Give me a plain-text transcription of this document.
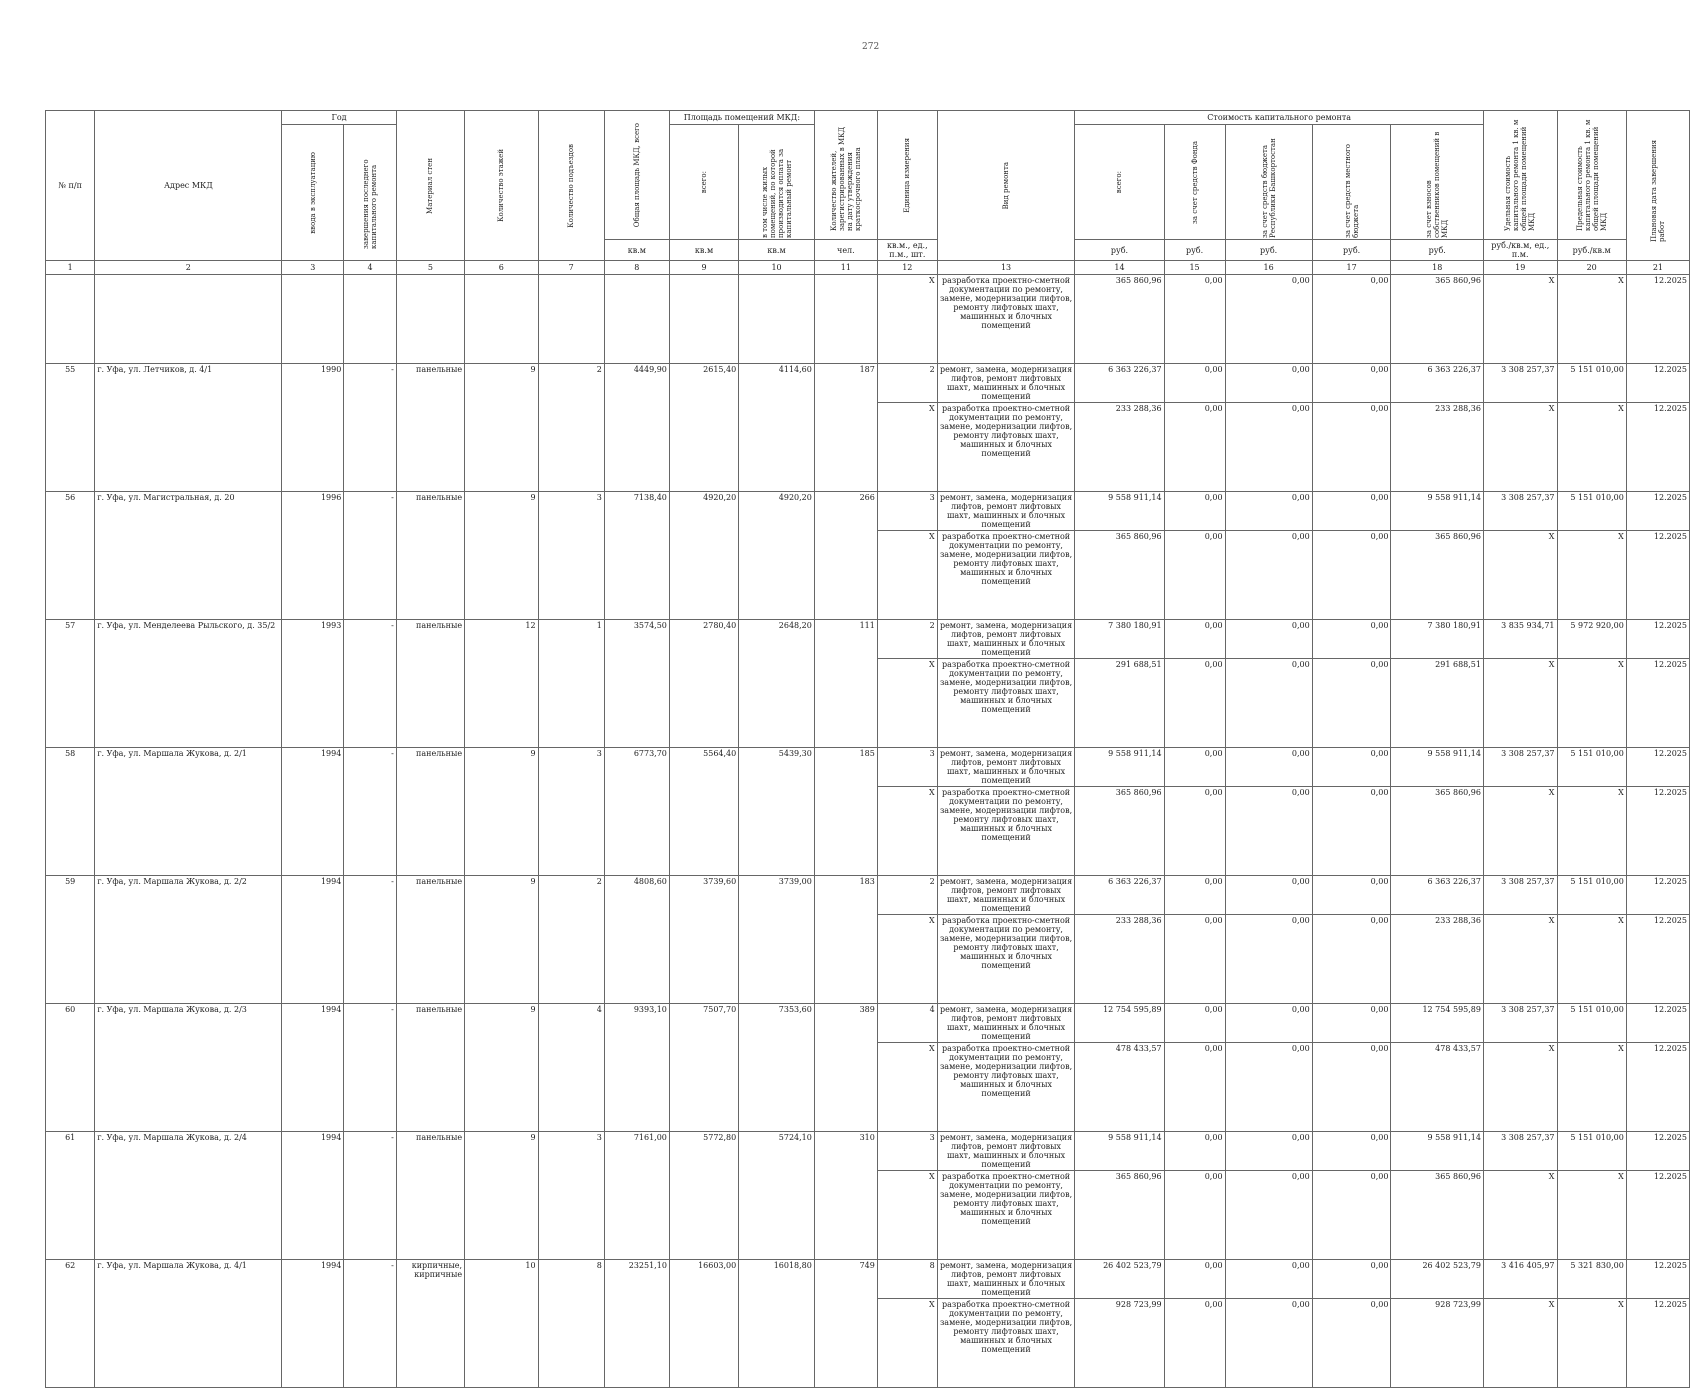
272
№ п/п	Адрес МКД	Год		Материал стен	Количество этажей	Количество подъездов	Общая площадь МКД, всего	Площадь помещений МКД:		Количество жителей, зарегистрированных в МКД на дату утверждения краткосрочного плана	Единица измерения	Вид ремонта	Стоимость капитального ремонта					Удельная стоимость капитального ремонта 1 кв. м общей площади помещений МКД	Предельная стоимость капитального ремонта 1 кв. м общей площади помещений МКД	Плановая дата завершения работ

		ввода в эксплуатацию	завершения последнего капитального ремонта					всего:	в том числе жилых помещений, по которой производится оплата за капитальный ремонт				всего:	за счет средств Фонда	за счет средств бюджета Республики Башкортостан	за счет средств местного бюджета	за счет взносов собственников помещений в МКД			

							кв.м	кв.м	кв.м	чел.	кв.м., ед., п.м., шт.		руб.	руб.	руб.	руб.	руб.	руб./кв.м, ед., п.м.	руб./кв.м	
1	2	3	4	5	6	7	8	9	10	11	12	13	14	15	16	17	18	19	20	21
											X	разработка проектно-сметной документации по ремонту, замене, модернизации лифтов, ремонту лифтовых шахт, машинных и блочных помещений	365 860,96	0,00	0,00	0,00	365 860,96	X	X	12.2025
55	г. Уфа, ул. Летчиков, д. 4/1	1990	-	панельные	9	2	4449,90	2615,40	4114,60	187	2	ремонт, замена, модернизация лифтов, ремонт лифтовых шахт, машинных и блочных помещений	6 363 226,37	0,00	0,00	0,00	6 363 226,37	3 308 257,37	5 151 010,00	12.2025
											X	разработка проектно-сметной документации по ремонту, замене, модернизации лифтов, ремонту лифтовых шахт, машинных и блочных помещений	233 288,36	0,00	0,00	0,00	233 288,36	X	X	12.2025
56	г. Уфа, ул. Магистральная, д. 20	1996	-	панельные	9	3	7138,40	4920,20	4920,20	266	3	ремонт, замена, модернизация лифтов, ремонт лифтовых шахт, машинных и блочных помещений	9 558 911,14	0,00	0,00	0,00	9 558 911,14	3 308 257,37	5 151 010,00	12.2025
											X	разработка проектно-сметной документации по ремонту, замене, модернизации лифтов, ремонту лифтовых шахт, машинных и блочных помещений	365 860,96	0,00	0,00	0,00	365 860,96	X	X	12.2025
57	г. Уфа, ул. Менделеева Рыльского, д. 35/2	1993	-	панельные	12	1	3574,50	2780,40	2648,20	111	2	ремонт, замена, модернизация лифтов, ремонт лифтовых шахт, машинных и блочных помещений	7 380 180,91	0,00	0,00	0,00	7 380 180,91	3 835 934,71	5 972 920,00	12.2025
											X	разработка проектно-сметной документации по ремонту, замене, модернизации лифтов, ремонту лифтовых шахт, машинных и блочных помещений	291 688,51	0,00	0,00	0,00	291 688,51	X	X	12.2025
58	г. Уфа, ул. Маршала Жукова, д. 2/1	1994	-	панельные	9	3	6773,70	5564,40	5439,30	185	3	ремонт, замена, модернизация лифтов, ремонт лифтовых шахт, машинных и блочных помещений	9 558 911,14	0,00	0,00	0,00	9 558 911,14	3 308 257,37	5 151 010,00	12.2025
											X	разработка проектно-сметной документации по ремонту, замене, модернизации лифтов, ремонту лифтовых шахт, машинных и блочных помещений	365 860,96	0,00	0,00	0,00	365 860,96	X	X	12.2025
59	г. Уфа, ул. Маршала Жукова, д. 2/2	1994	-	панельные	9	2	4808,60	3739,60	3739,00	183	2	ремонт, замена, модернизация лифтов, ремонт лифтовых шахт, машинных и блочных помещений	6 363 226,37	0,00	0,00	0,00	6 363 226,37	3 308 257,37	5 151 010,00	12.2025
											X	разработка проектно-сметной документации по ремонту, замене, модернизации лифтов, ремонту лифтовых шахт, машинных и блочных помещений	233 288,36	0,00	0,00	0,00	233 288,36	X	X	12.2025
60	г. Уфа, ул. Маршала Жукова, д. 2/3	1994	-	панельные	9	4	9393,10	7507,70	7353,60	389	4	ремонт, замена, модернизация лифтов, ремонт лифтовых шахт, машинных и блочных помещений	12 754 595,89	0,00	0,00	0,00	12 754 595,89	3 308 257,37	5 151 010,00	12.2025
											X	разработка проектно-сметной документации по ремонту, замене, модернизации лифтов, ремонту лифтовых шахт, машинных и блочных помещений	478 433,57	0,00	0,00	0,00	478 433,57	X	X	12.2025
61	г. Уфа, ул. Маршала Жукова, д. 2/4	1994	-	панельные	9	3	7161,00	5772,80	5724,10	310	3	ремонт, замена, модернизация лифтов, ремонт лифтовых шахт, машинных и блочных помещений	9 558 911,14	0,00	0,00	0,00	9 558 911,14	3 308 257,37	5 151 010,00	12.2025
											X	разработка проектно-сметной документации по ремонту, замене, модернизации лифтов, ремонту лифтовых шахт, машинных и блочных помещений	365 860,96	0,00	0,00	0,00	365 860,96	X	X	12.2025
62	г. Уфа, ул. Маршала Жукова, д. 4/1	1994	-	кирпичные, кирпичные	10	8	23251,10	16603,00	16018,80	749	8	ремонт, замена, модернизация лифтов, ремонт лифтовых шахт, машинных и блочных помещений	26 402 523,79	0,00	0,00	0,00	26 402 523,79	3 416 405,97	5 321 830,00	12.2025
											X	разработка проектно-сметной документации по ремонту, замене, модернизации лифтов, ремонту лифтовых шахт, машинных и блочных помещений	928 723,99	0,00	0,00	0,00	928 723,99	X	X	12.2025
